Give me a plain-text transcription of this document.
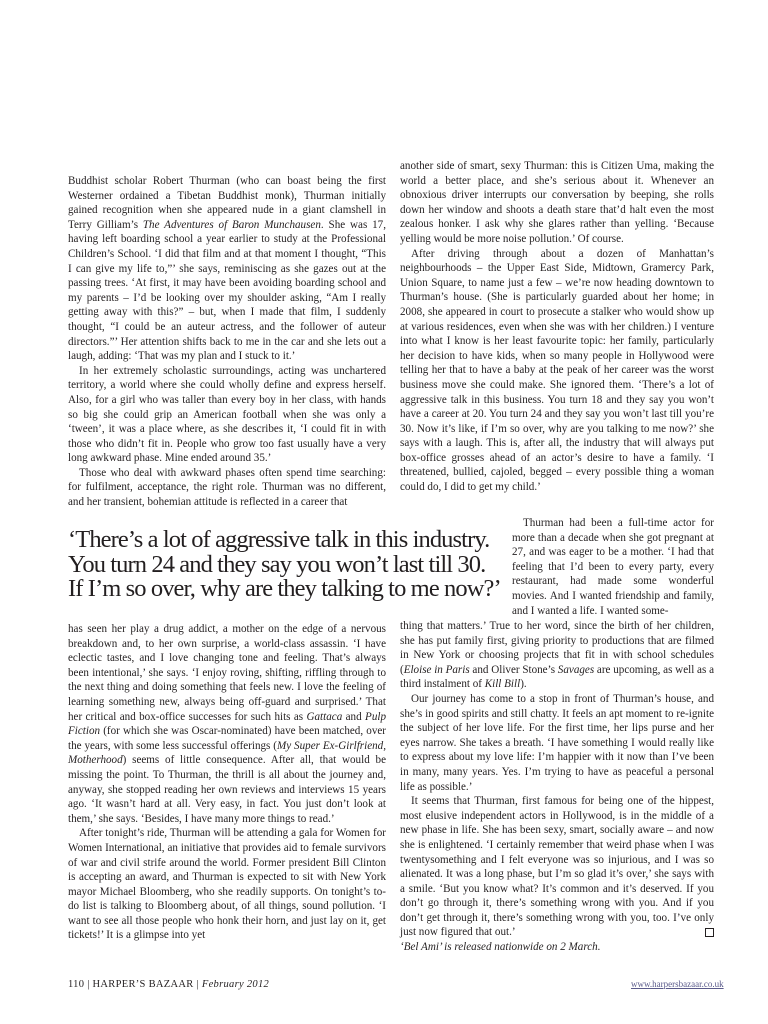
Buddhist scholar Robert Thurman (who can boast being the first Westerner ordained a Tibetan Buddhist monk), Thurman initially gained recognition when she appeared nude in a giant clamshell in Terry Gilliam’s The Adventures of Baron Munchausen. She was 17, having left boarding school a year earlier to study at the Professional Children’s School. ‘I did that film and at that moment I thought, “This I can give my life to,”’ she says, reminiscing as she gazes out at the passing trees. ‘At first, it may have been avoiding boarding school and my parents – I’d be looking over my shoulder asking, “Am I really getting away with this?” – but, when I made that film, I suddenly thought, “I could be an auteur actress, and the follower of auteur directors.”’ Her attention shifts back to me in the car and she lets out a laugh, adding: ‘That was my plan and I stuck to it.’

In her extremely scholastic surroundings, acting was unchartered territory, a world where she could wholly define and express herself. Also, for a girl who was taller than every boy in her class, with hands so big she could grip an American football when she was only a ‘tween’, it was a place where, as she describes it, ‘I could fit in with those who didn’t fit in. People who grow too fast usually have a very long awkward phase. Mine ended around 35.’

Those who deal with awkward phases often spend time searching: for fulfilment, acceptance, the right role. Thurman was no different, and her transient, bohemian attitude is reflected in a career that

another side of smart, sexy Thurman: this is Citizen Uma, making the world a better place, and she’s serious about it. Whenever an obnoxious driver interrupts our conversation by beeping, she rolls down her window and shoots a death stare that’d halt even the most zealous honker. I ask why she glares rather than yelling. ‘Because yelling would be more noise pollution.’ Of course.

After driving through about a dozen of Manhattan’s neighbourhoods – the Upper East Side, Midtown, Gramercy Park, Union Square, to name just a few – we’re now heading downtown to Thurman’s house. (She is particularly guarded about her home; in 2008, she appeared in court to prosecute a stalker who would show up at various residences, even when she was with her children.) I venture into what I know is her least favourite topic: her family, particularly her decision to have kids, when so many people in Hollywood were telling her that to have a baby at the peak of her career was the worst business move she could make. She ignored them. ‘There’s a lot of aggressive talk in this business. You turn 18 and they say you won’t have a career at 20. You turn 24 and they say you won’t last till you’re 30. Now it’s like, if I’m so over, why are you talking to me now?’ she says with a laugh. This is, after all, the industry that will always put box-office grosses ahead of an actor’s desire to have a family. ‘I threatened, bullied, cajoled, begged – every possible thing a woman could do, I did to get my child.’

‘There’s a lot of aggressive talk in this industry.
You turn 24 and they say you won’t last till 30.
If I’m so over, why are they talking to me now?’

Thurman had been a full-time actor for more than a decade when she got pregnant at 27, and was eager to be a mother. ‘I had that feeling that I’d been to every party, every restaurant, had made some wonderful movies. And I wanted friendship and family, and I wanted a life. I wanted some-

has seen her play a drug addict, a mother on the edge of a nervous breakdown and, to her own surprise, a world-class assassin. ‘I have eclectic tastes, and I love changing tone and feeling. That’s always been intentional,’ she says. ‘I enjoy roving, shifting, riffling through to the next thing and doing something that feels new. I love the feeling of learning something new, always being off-guard and surprised.’ That her critical and box-office successes for such hits as Gattaca and Pulp Fiction (for which she was Oscar-nominated) have been matched, over the years, with some less successful offerings (My Super Ex-Girlfriend, Motherhood) seems of little consequence. After all, that would be missing the point. To Thurman, the thrill is all about the journey and, anyway, she stopped reading her own reviews and interviews 15 years ago. ‘It wasn’t hard at all. Very easy, in fact. You just don’t look at them,’ she says. ‘Besides, I have many more things to read.’

After tonight’s ride, Thurman will be attending a gala for Women for Women International, an initiative that provides aid to female survivors of war and civil strife around the world. Former president Bill Clinton is accepting an award, and Thurman is expected to sit with New York mayor Michael Bloomberg, who she readily supports. On tonight’s to-do list is talking to Bloomberg about, of all things, sound pollution. ‘I want to see all those people who honk their horn, and just lay on it, get tickets!’ It is a glimpse into yet

thing that matters.’ True to her word, since the birth of her children, she has put family first, giving priority to productions that are filmed in New York or choosing projects that fit in with school schedules (Eloise in Paris and Oliver Stone’s Savages are upcoming, as well as a third instalment of Kill Bill).

Our journey has come to a stop in front of Thurman’s house, and she’s in good spirits and still chatty. It feels an apt moment to re-ignite the subject of her love life. For the first time, her lips purse and her eyes narrow. She takes a breath. ‘I have something I would really like to express about my love life: I’m happier with it now than I’ve been in many, many years. Yes. I’m trying to have as peaceful a personal life as possible.’

It seems that Thurman, first famous for being one of the hippest, most elusive independent actors in Hollywood, is in the middle of a new phase in life. She has been sexy, smart, socially aware – and now she is enlightened. ‘I certainly remember that weird phase when I was twentysomething and I felt everyone was so injurious, and I was so alienated. It was a long phase, but I’m so glad it’s over,’ she says with a smile. ‘But you know what? It’s common and it’s deserved. If you don’t go through it, there’s something wrong with you. And if you don’t get through it, there’s something wrong with you, too. I’ve only just now figured that out.’

‘Bel Ami’ is released nationwide on 2 March.

110 | HARPER’S BAZAAR | February 2012	www.harpersbazaar.co.uk
